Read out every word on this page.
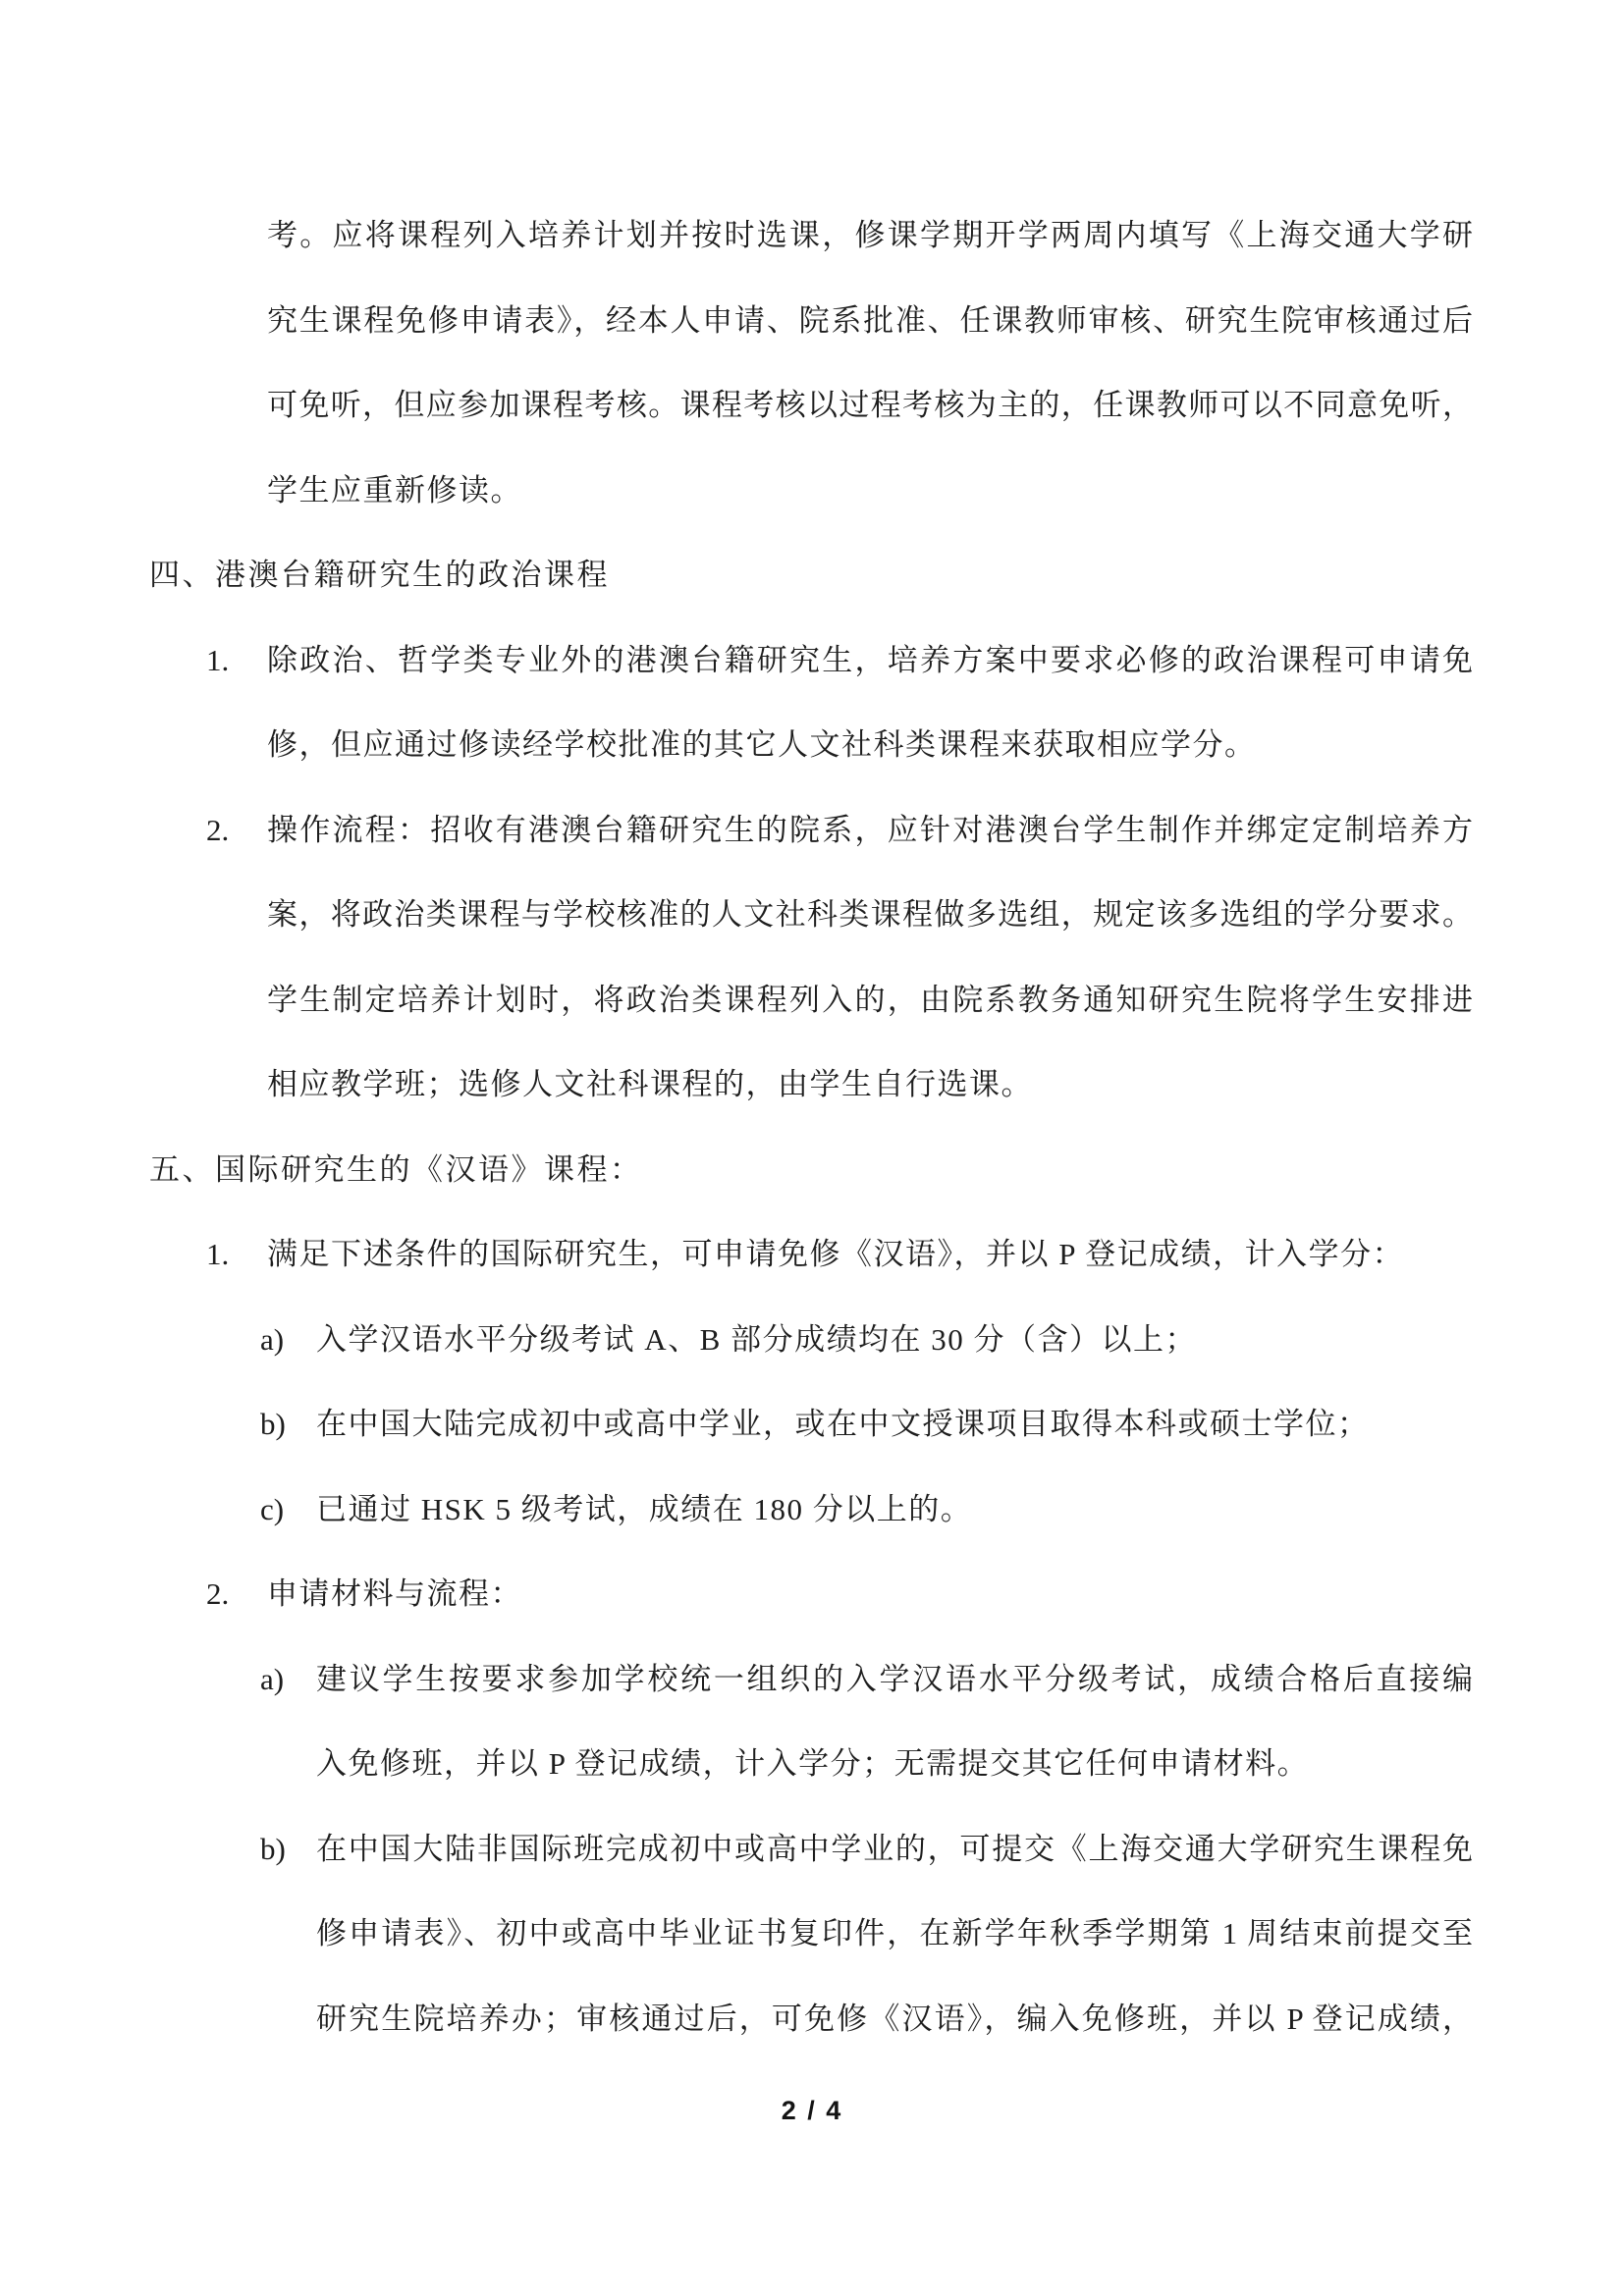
考。应将课程列入培养计划并按时选课，修课学期开学两周内填写《上海交通大学研
究生课程免修申请表》，经本人申请、院系批准、任课教师审核、研究生院审核通过后
可免听，但应参加课程考核。课程考核以过程考核为主的，任课教师可以不同意免听，
学生应重新修读。
四、港澳台籍研究生的政治课程
1. 除政治、哲学类专业外的港澳台籍研究生，培养方案中要求必修的政治课程可申请免
修，但应通过修读经学校批准的其它人文社科类课程来获取相应学分。
2. 操作流程：招收有港澳台籍研究生的院系，应针对港澳台学生制作并绑定定制培养方
案，将政治类课程与学校核准的人文社科类课程做多选组，规定该多选组的学分要求。
学生制定培养计划时，将政治类课程列入的，由院系教务通知研究生院将学生安排进
相应教学班；选修人文社科课程的，由学生自行选课。
五、国际研究生的《汉语》课程：
1. 满足下述条件的国际研究生，可申请免修《汉语》，并以 P 登记成绩，计入学分：
a) 入学汉语水平分级考试 A、B 部分成绩均在 30 分（含）以上；
b) 在中国大陆完成初中或高中学业，或在中文授课项目取得本科或硕士学位；
c) 已通过 HSK 5 级考试，成绩在 180 分以上的。
2. 申请材料与流程：
a) 建议学生按要求参加学校统一组织的入学汉语水平分级考试，成绩合格后直接编
入免修班，并以 P 登记成绩，计入学分；无需提交其它任何申请材料。
b) 在中国大陆非国际班完成初中或高中学业的，可提交《上海交通大学研究生课程免
修申请表》、初中或高中毕业证书复印件，在新学年秋季学期第 1 周结束前提交至
研究生院培养办；审核通过后，可免修《汉语》，编入免修班，并以 P 登记成绩，
2 / 4
